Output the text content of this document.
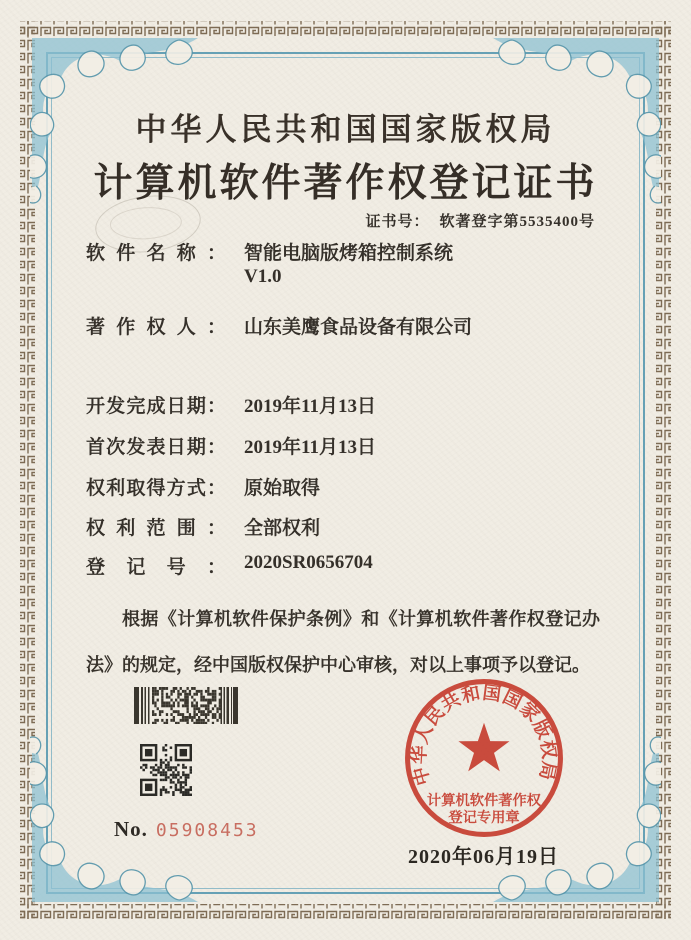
中华人民共和国国家版权局
计算机软件著作权登记证书
证书号： 软著登字第5535400号
软件名称： 智能电脑版烤箱控制系统
V1.0
著作权人： 山东美鹰食品设备有限公司
开发完成日期： 2019年11月13日
首次发表日期： 2019年11月13日
权利取得方式： 原始取得
权利范围： 全部权利
登记号： 2020SR0656704
根据《计算机软件保护条例》和《计算机软件著作权登记办法》的规定，经中国版权保护中心审核，对以上事项予以登记。
No. 05908453
中华人民共和国国家版权局
计算机软件著作权
登记专用章
2020年06月19日
